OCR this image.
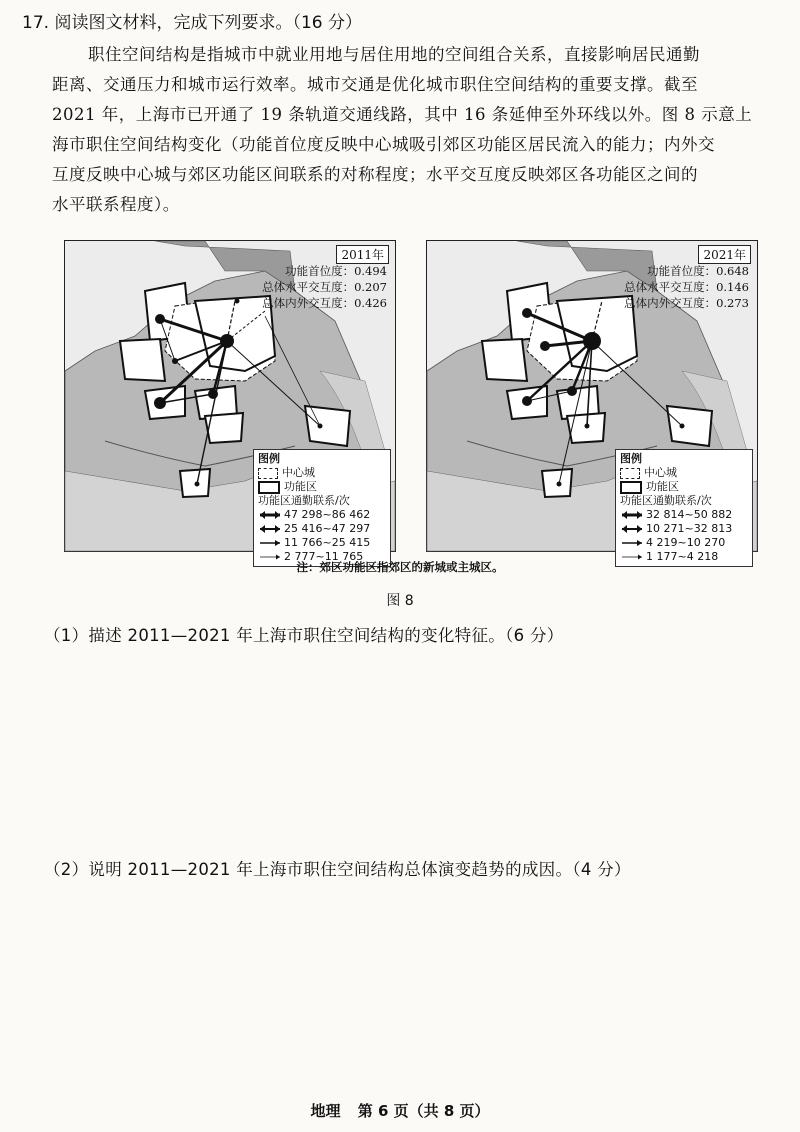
17. 阅读图文材料，完成下列要求。（16 分）
职住空间结构是指城市中就业用地与居住用地的空间组合关系，直接影响居民通勤
距离、交通压力和城市运行效率。城市交通是优化城市职住空间结构的重要支撑。截至
2021 年，上海市已开通了 19 条轨道交通线路，其中 16 条延伸至外环线以外。图 8 示意上
海市职住空间结构变化（功能首位度反映中心城吸引郊区功能区居民流入的能力；内外交
互度反映中心城与郊区功能区间联系的对称程度；水平交互度反映郊区各功能区之间的
水平联系程度）。
2011年
功能首位度：0.494
总体水平交互度：0.207
总体内外交互度：0.426
图例
中心城
功能区
功能区通勤联系/次
47 298~86 462
25 416~47 297
11 766~25 415
2 777~11 765
2021年
功能首位度：0.648
总体水平交互度：0.146
总体内外交互度：0.273
图例
中心城
功能区
功能区通勤联系/次
32 814~50 882
10 271~32 813
4 219~10 270
1 177~4 218
注：郊区功能区指郊区的新城或主城区。
图 8
（1）描述 2011—2021 年上海市职住空间结构的变化特征。（6 分）
（2）说明 2011—2021 年上海市职住空间结构总体演变趋势的成因。（4 分）
地理 第 6 页（共 8 页）
